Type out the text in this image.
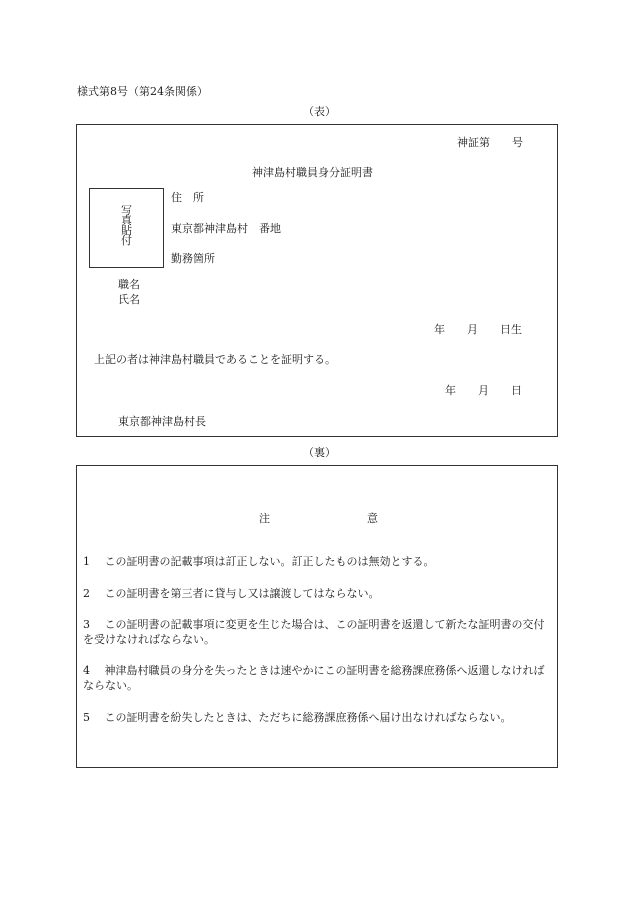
様式第8号（第24条関係）
（表）
神証第　　号
神津島村職員身分証明書
写
真
貼
付
住　所
東京都神津島村　番地
勤務箇所
職名
氏名
年　　月　　日生
上記の者は神津島村職員であることを証明する。
年　　月　　日
東京都神津島村長
（裏）
注	意
1　 この証明書の記載事項は訂正しない。訂正したものは無効とする。
2　 この証明書を第三者に貸与し又は譲渡してはならない。
3　 この証明書の記載事項に変更を生じた場合は、この証明書を返還して新たな証明書の交付を受けなければならない。
4　 神津島村職員の身分を失ったときは速やかにこの証明書を総務課庶務係へ返還しなければならない。
5　 この証明書を紛失したときは、ただちに総務課庶務係へ届け出なければならない。
